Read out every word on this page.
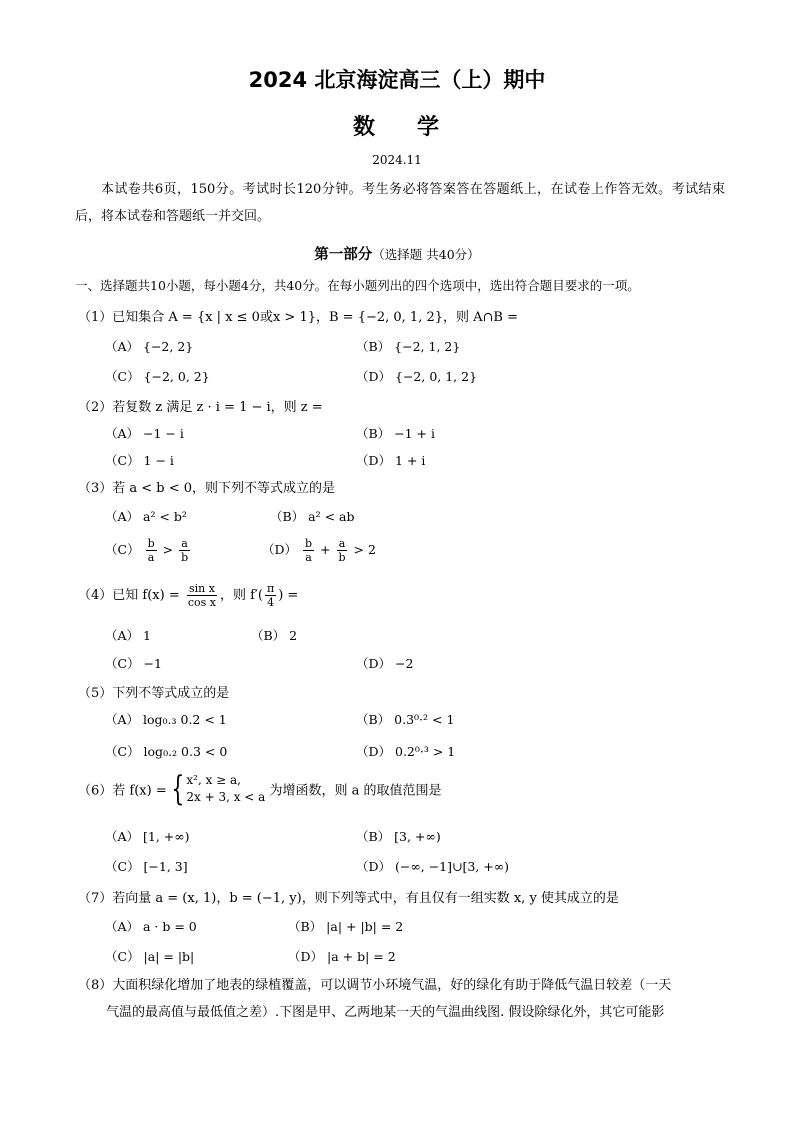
2024 北京海淀高三（上）期中
数 学
2024.11
本试卷共6页，150分。考试时长120分钟。考生务必将答案答在答题纸上，在试卷上作答无效。考试结束后，将本试卷和答题纸一并交回。
第一部分（选择题 共40分）
一、选择题共10小题，每小题4分，共40分。在每小题列出的四个选项中，选出符合题目要求的一项。
（1）已知集合 A = {x | x ≤ 0或x > 1}，B = {−2, 0, 1, 2}，则 A∩B =
（A） {−2, 2}	（B） {−2, 1, 2}
（C） {−2, 0, 2}	（D） {−2, 0, 1, 2}
（2）若复数 z 满足 z · i = 1 − i，则 z =
（A） −1 − i	（B） −1 + i
（C） 1 − i	（D） 1 + i
（3）若 a < b < 0，则下列不等式成立的是
（A） a² < b²	（B） a² < ab
$(C) \frac{b}{a} > \frac{a}{b}$	$(D) \frac{b}{a} + \frac{a}{b} > 2$
（4）已知 $f(x) = \frac{\text{sin x}}{\text{cos x}}$ ，则 $f'( \frac{\pi}{4}$ ) =
（A） 1	（B） 2
（C） −1	（D） −2
（5）下列不等式成立的是
（A） log₀.₃ 0.2 < 1	（B） 0.3⁰·² < 1
（C） log₀.₂ 0.3 < 0	（D） 0.2⁰·³ > 1
（6）若 f(x) = { x², x ≥ a,
2x + 3, x < a 为增函数，则 a 的取值范围是
（A） [1, +∞)	（B） [3, +∞)
（C） [−1, 3]	（D） (−∞, −1]∪[3, +∞)
（7）若向量 a = (x, 1)，b = (−1, y)，则下列等式中，有且仅有一组实数 x, y 使其成立的是
（A） a · b = 0	（B） |a| + |b| = 2
（C） |a| = |b|	（D） |a + b| = 2
（8）大面积绿化增加了地表的绿植覆盖，可以调节小环境气温，好的绿化有助于降低气温日较差（一天
气温的最高值与最低值之差）.下图是甲、乙两地某一天的气温曲线图. 假设除绿化外，其它可能影
